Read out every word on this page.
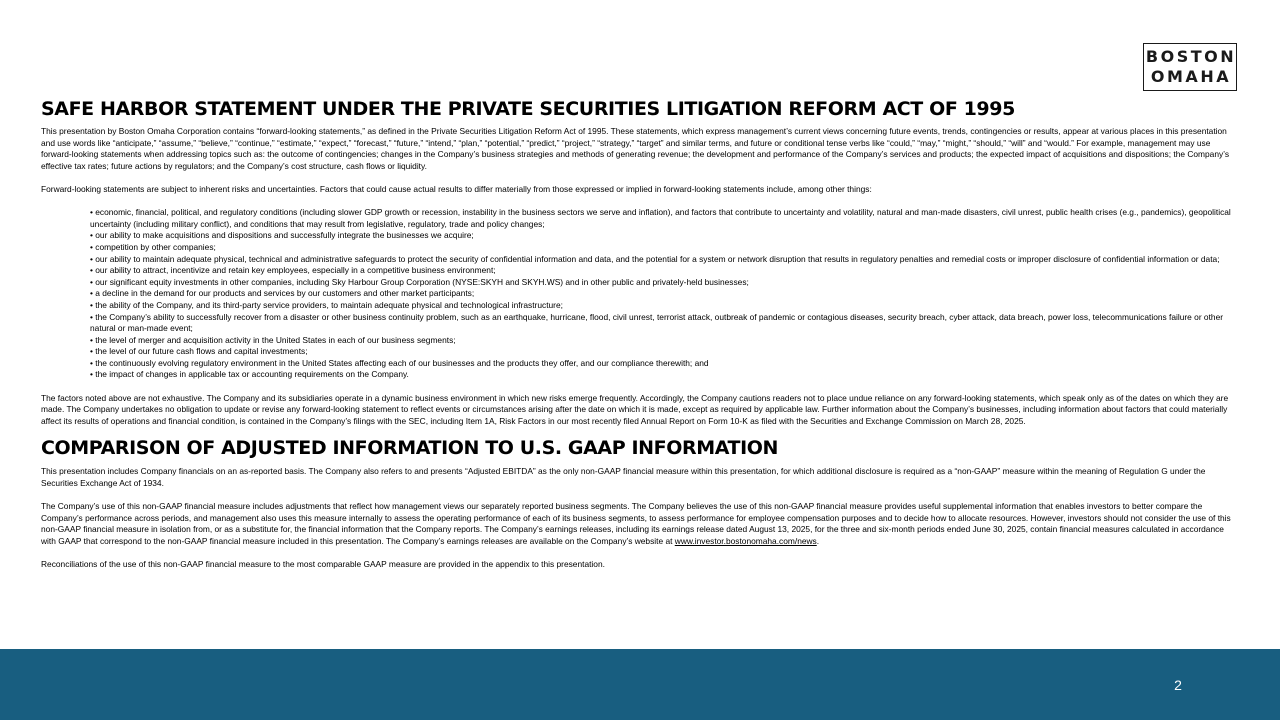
BOSTON
OMAHA
SAFE HARBOR STATEMENT UNDER THE PRIVATE SECURITIES LITIGATION REFORM ACT OF 1995

This presentation by Boston Omaha Corporation contains “forward-looking statements,” as defined in the Private Securities Litigation Reform Act of 1995. These statements, which express management’s current views concerning future events, trends, contingencies or results, appear at various places in this presentation and use words like “anticipate,” “assume,” “believe,” “continue,” “estimate,” “expect,” “forecast,” “future,” “intend,” “plan,” “potential,” “predict,” “project,” “strategy,” “target” and similar terms, and future or conditional tense verbs like “could,” “may,” “might,” “should,” “will” and “would.” For example, management may use forward-looking statements when addressing topics such as: the outcome of contingencies; changes in the Company’s business strategies and methods of generating revenue; the development and performance of the Company’s services and products; the expected impact of acquisitions and dispositions; the Company’s effective tax rates; future actions by regulators; and the Company’s cost structure, cash flows or liquidity.

Forward-looking statements are subject to inherent risks and uncertainties. Factors that could cause actual results to differ materially from those expressed or implied in forward-looking statements include, among other things:

• economic, financial, political, and regulatory conditions (including slower GDP growth or recession, instability in the business sectors we serve and inflation), and factors that contribute to uncertainty and volatility, natural and man-made disasters, civil unrest, public health crises (e.g., pandemics), geopolitical uncertainty (including military conflict), and conditions that may result from legislative, regulatory, trade and policy changes;
• our ability to make acquisitions and dispositions and successfully integrate the businesses we acquire;
• competition by other companies;
• our ability to maintain adequate physical, technical and administrative safeguards to protect the security of confidential information and data, and the potential for a system or network disruption that results in regulatory penalties and remedial costs or improper disclosure of confidential information or data;
• our ability to attract, incentivize and retain key employees, especially in a competitive business environment;
• our significant equity investments in other companies, including Sky Harbour Group Corporation (NYSE:SKYH and SKYH.WS) and in other public and privately-held businesses;
• a decline in the demand for our products and services by our customers and other market participants;
• the ability of the Company, and its third-party service providers, to maintain adequate physical and technological infrastructure;
• the Company’s ability to successfully recover from a disaster or other business continuity problem, such as an earthquake, hurricane, flood, civil unrest, terrorist attack, outbreak of pandemic or contagious diseases, security breach, cyber attack, data breach, power loss, telecommunications failure or other natural or man-made event;
• the level of merger and acquisition activity in the United States in each of our business segments;
• the level of our future cash flows and capital investments;
• the continuously evolving regulatory environment in the United States affecting each of our businesses and the products they offer, and our compliance therewith; and
• the impact of changes in applicable tax or accounting requirements on the Company.

The factors noted above are not exhaustive. The Company and its subsidiaries operate in a dynamic business environment in which new risks emerge frequently. Accordingly, the Company cautions readers not to place undue reliance on any forward-looking statements, which speak only as of the dates on which they are made. The Company undertakes no obligation to update or revise any forward-looking statement to reflect events or circumstances arising after the date on which it is made, except as required by applicable law. Further information about the Company’s businesses, including information about factors that could materially affect its results of operations and financial condition, is contained in the Company’s filings with the SEC, including Item 1A, Risk Factors in our most recently filed Annual Report on Form 10-K as filed with the Securities and Exchange Commission on March 28, 2025.

COMPARISON OF ADJUSTED INFORMATION TO U.S. GAAP INFORMATION

This presentation includes Company financials on an as-reported basis. The Company also refers to and presents “Adjusted EBITDA” as the only non-GAAP financial measure within this presentation, for which additional disclosure is required as a “non-GAAP” measure within the meaning of Regulation G under the Securities Exchange Act of 1934.

The Company’s use of this non-GAAP financial measure includes adjustments that reflect how management views our separately reported business segments. The Company believes the use of this non-GAAP financial measure provides useful supplemental information that enables investors to better compare the Company’s performance across periods, and management also uses this measure internally to assess the operating performance of each of its business segments, to assess performance for employee compensation purposes and to decide how to allocate resources. However, investors should not consider the use of this non-GAAP financial measure in isolation from, or as a substitute for, the financial information that the Company reports. The Company’s earnings releases, including its earnings release dated August 13, 2025, for the three and six-month periods ended June 30, 2025, contain financial measures calculated in accordance with GAAP that correspond to the non-GAAP financial measure included in this presentation. The Company’s earnings releases are available on the Company’s website at www.investor.bostonomaha.com/news.

Reconciliations of the use of this non-GAAP financial measure to the most comparable GAAP measure are provided in the appendix to this presentation.

2
